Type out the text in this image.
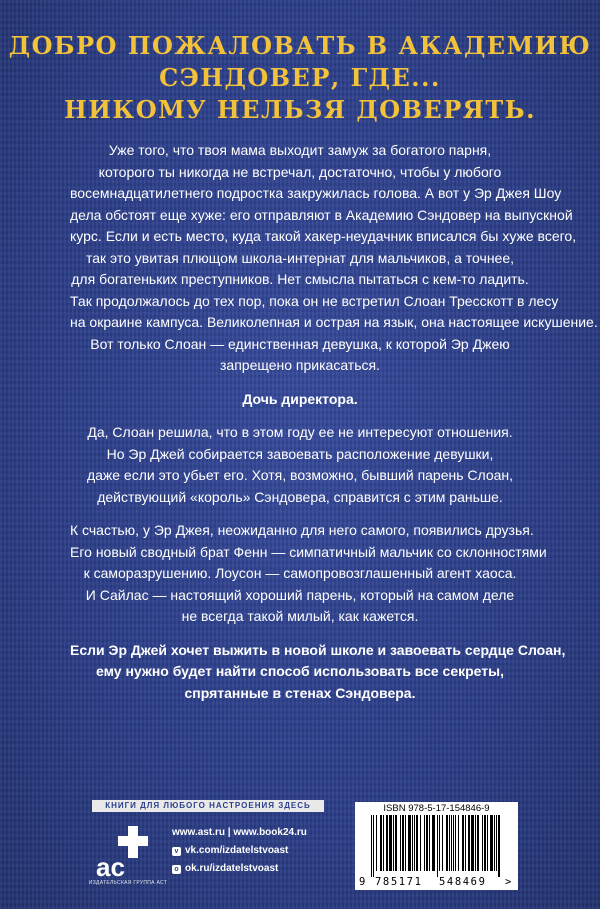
ДОБРО ПОЖАЛОВАТЬ В АКАДЕМИЮ
СЭНДОВЕР, ГДЕ...
НИКОМУ НЕЛЬЗЯ ДОВЕРЯТЬ.
Уже того, что твоя мама выходит замуж за богатого парня,
которого ты никогда не встречал, достаточно, чтобы у любого
восемнадцатилетнего подростка закружилась голова. А вот у Эр Джея Шоу
дела обстоят еще хуже: его отправляют в Академию Сэндовер на выпускной
курс. Если и есть место, куда такой хакер-неудачник вписался бы хуже всего,
так это увитая плющом школа-интернат для мальчиков, а точнее,
для богатеньких преступников. Нет смысла пытаться с кем-то ладить.
Так продолжалось до тех пор, пока он не встретил Слоан Тресскотт в лесу
на окраине кампуса. Великолепная и острая на язык, она настоящее искушение.
Вот только Слоан — единственная девушка, к которой Эр Джею
запрещено прикасаться.

Дочь директора.

Да, Слоан решила, что в этом году ее не интересуют отношения.
Но Эр Джей собирается завоевать расположение девушки,
даже если это убьет его. Хотя, возможно, бывший парень Слоан,
действующий «король» Сэндовера, справится с этим раньше.
К счастью, у Эр Джея, неожиданно для него самого, появились друзья.
Его новый сводный брат Фенн — симпатичный мальчик со склонностями
к саморазрушению. Лоусон — самопровозглашенный агент хаоса.
И Сайлас — настоящий хороший парень, который на самом деле
не всегда такой милый, как кажется.
Если Эр Джей хочет выжить в новой школе и завоевать сердце Слоан,
ему нужно будет найти способ использовать все секреты,
спрятанные в стенах Сэндовера.
КНИГИ ДЛЯ ЛЮБОГО НАСТРОЕНИЯ ЗДЕСЬ
ac
ИЗДАТЕЛЬСКАЯ ГРУППА АСТ
www.ast.ru | www.book24.ru
v vk.com/izdatelstvoast
o ok.ru/izdatelstvoast
ISBN 978-5-17-154846-9
9 785171 548469 >
